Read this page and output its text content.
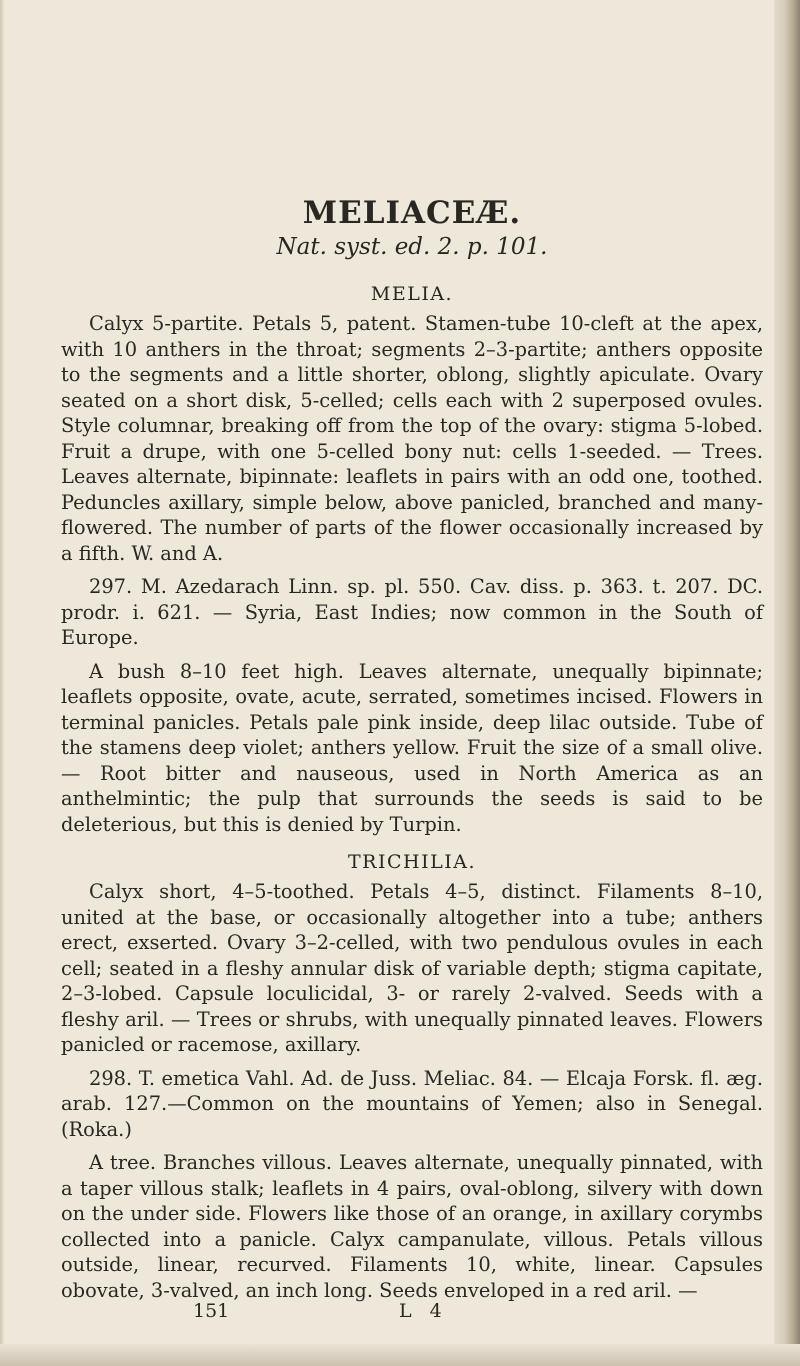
MELIACEÆ.
Nat. syst. ed. 2. p. 101.
MELIA.

Calyx 5-partite. Petals 5, patent. Stamen-tube 10-cleft at the apex, with 10 anthers in the throat; segments 2–3-partite; anthers opposite to the segments and a little shorter, oblong, slightly apiculate. Ovary seated on a short disk, 5-celled; cells each with 2 superposed ovules. Style columnar, breaking off from the top of the ovary: stigma 5-lobed. Fruit a drupe, with one 5-celled bony nut: cells 1-seeded. — Trees. Leaves alternate, bipinnate: leaflets in pairs with an odd one, toothed. Peduncles axillary, simple below, above panicled, branched and many-flowered. The number of parts of the flower occasionally increased by a fifth. W. and A.

297. M. Azedarach Linn. sp. pl. 550. Cav. diss. p. 363. t. 207. DC. prodr. i. 621. — Syria, East Indies; now common in the South of Europe.

A bush 8–10 feet high. Leaves alternate, unequally bipinnate; leaflets opposite, ovate, acute, serrated, sometimes incised. Flowers in terminal panicles. Petals pale pink inside, deep lilac outside. Tube of the stamens deep violet; anthers yellow. Fruit the size of a small olive. — Root bitter and nauseous, used in North America as an anthelmintic; the pulp that surrounds the seeds is said to be deleterious, but this is denied by Turpin.

TRICHILIA.

Calyx short, 4–5-toothed. Petals 4–5, distinct. Filaments 8–10, united at the base, or occasionally altogether into a tube; anthers erect, exserted. Ovary 3–2-celled, with two pendulous ovules in each cell; seated in a fleshy annular disk of variable depth; stigma capitate, 2–3-lobed. Capsule loculicidal, 3- or rarely 2-valved. Seeds with a fleshy aril. — Trees or shrubs, with unequally pinnated leaves. Flowers panicled or racemose, axillary.

298. T. emetica Vahl. Ad. de Juss. Meliac. 84. — Elcaja Forsk. fl. æg. arab. 127.—Common on the mountains of Yemen; also in Senegal. (Roka.)

A tree. Branches villous. Leaves alternate, unequally pinnated, with a taper villous stalk; leaflets in 4 pairs, oval-oblong, silvery with down on the under side. Flowers like those of an orange, in axillary corymbs collected into a panicle. Calyx campanulate, villous. Petals villous outside, linear, recurved. Filaments 10, white, linear. Capsules obovate, 3-valved, an inch long. Seeds enveloped in a red aril. —

151	L 4
